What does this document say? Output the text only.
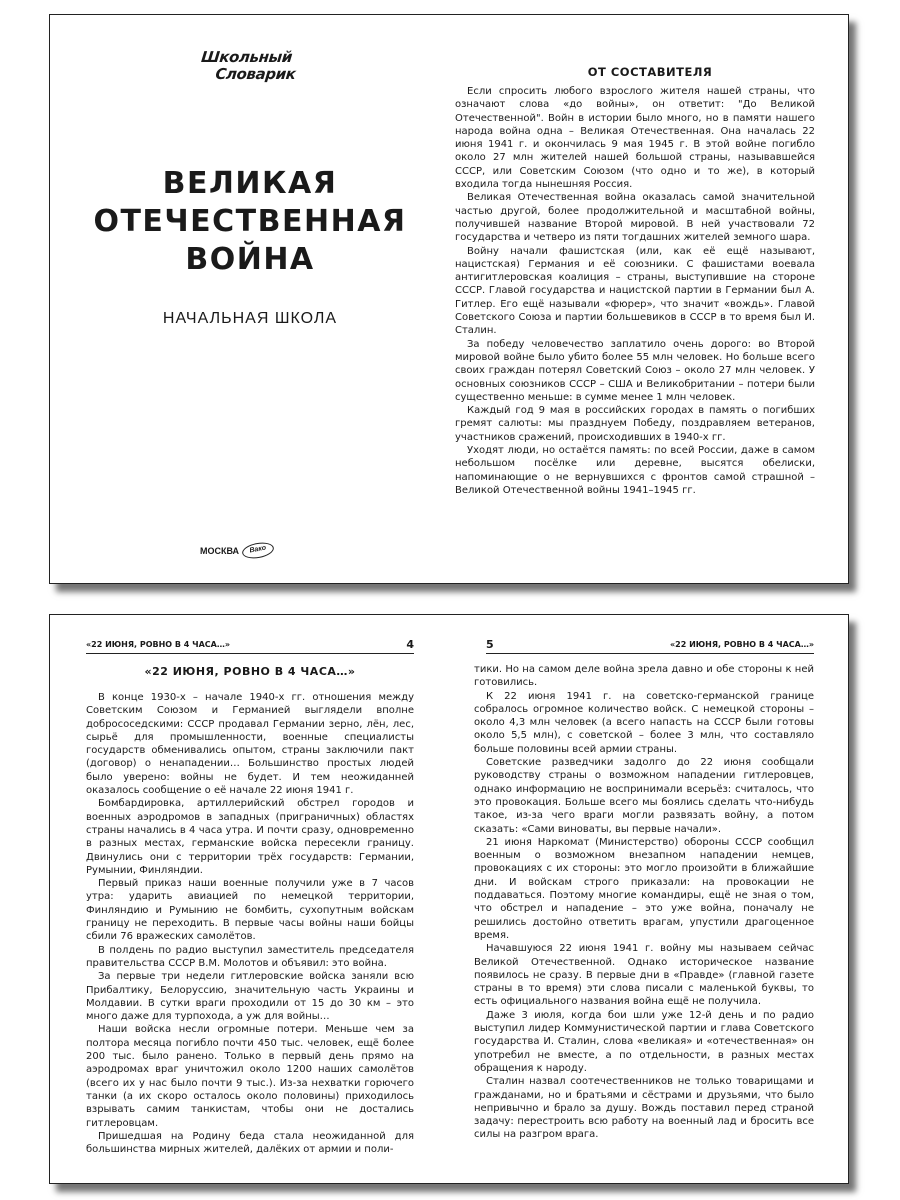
Школьный
Словарик
ВЕЛИКАЯ
ОТЕЧЕСТВЕННАЯ
ВОЙНА
НАЧАЛЬНАЯ ШКОЛА
МОСКВА	Вако
ОТ СОСТАВИТЕЛЯ

Если спросить любого взрослого жителя нашей страны, что означают слова «до войны», он ответит: "До Великой Отечественной". Войн в истории было много, но в памяти нашего народа война одна – Великая Отечественная. Она началась 22 июня 1941 г. и окончилась 9 мая 1945 г. В этой войне погибло около 27 млн жителей нашей большой страны, называвшейся СССР, или Советским Союзом (что одно и то же), в который входила тогда нынешняя Россия.

Великая Отечественная война оказалась самой значительной частью другой, более продолжительной и масштабной войны, получившей название Второй мировой. В ней участвовали 72 государства и четверо из пяти тогдашних жителей земного шара.

Войну начали фашистская (или, как её ещё называют, нацистская) Германия и её союзники. С фашистами воевала антигитлеровская коалиция – страны, выступившие на стороне СССР. Главой государства и нацистской партии в Германии был А. Гитлер. Его ещё называли «фюрер», что значит «вождь». Главой Советского Союза и партии большевиков в СССР в то время был И. Сталин.

За победу человечество заплатило очень дорого: во Второй мировой войне было убито более 55 млн человек. Но больше всего своих граждан потерял Советский Союз – около 27 млн человек. У основных союзников СССР – США и Великобритании – потери были существенно меньше: в сумме менее 1 млн человек.

Каждый год 9 мая в российских городах в память о погибших гремят салюты: мы празднуем Победу, поздравляем ветеранов, участников сражений, происходивших в 1940-х гг.

Уходят люди, но остаётся память: по всей России, даже в самом небольшом посёлке или деревне, высятся обелиски, напоминающие о не вернувшихся с фронтов самой страшной – Великой Отечественной войны 1941–1945 гг.

«22 ИЮНЯ, РОВНО В 4 ЧАСА…»	4
«22 ИЮНЯ, РОВНО В 4 ЧАСА…»

В конце 1930-х – начале 1940-х гг. отношения между Советским Союзом и Германией выглядели вполне добрососедскими: СССР продавал Германии зерно, лён, лес, сырьё для промышленности, военные специалисты государств обменивались опытом, страны заключили пакт (договор) о ненападении… Большинство простых людей было уверено: войны не будет. И тем неожиданней оказалось сообщение о её начале 22 июня 1941 г.

Бомбардировка, артиллерийский обстрел городов и военных аэродромов в западных (приграничных) областях страны начались в 4 часа утра. И почти сразу, одновременно в разных местах, германские войска пересекли границу. Двинулись они с территории трёх государств: Германии, Румынии, Финляндии.

Первый приказ наши военные получили уже в 7 часов утра: ударить авиацией по немецкой территории, Финляндию и Румынию не бомбить, сухопутным войскам границу не переходить. В первые часы войны наши бойцы сбили 76 вражеских самолётов.

В полдень по радио выступил заместитель председателя правительства СССР В.М. Молотов и объявил: это война.

За первые три недели гитлеровские войска заняли всю Прибалтику, Белоруссию, значительную часть Украины и Молдавии. В сутки враги проходили от 15 до 30 км – это много даже для турпохода, а уж для войны…

Наши войска несли огромные потери. Меньше чем за полтора месяца погибло почти 450 тыс. человек, ещё более 200 тыс. было ранено. Только в первый день прямо на аэродромах враг уничтожил около 1200 наших самолётов (всего их у нас было почти 9 тыс.). Из-за нехватки горючего танки (а их скоро осталось около половины) приходилось взрывать самим танкистам, чтобы они не достались гитлеровцам.

Пришедшая на Родину беда стала неожиданной для большинства мирных жителей, далёких от армии и поли-

5	«22 ИЮНЯ, РОВНО В 4 ЧАСА…»

тики. Но на самом деле война зрела давно и обе стороны к ней готовились.

К 22 июня 1941 г. на советско-германской границе собралось огромное количество войск. С немецкой стороны – около 4,3 млн человек (а всего напасть на СССР были готовы около 5,5 млн), с советской – более 3 млн, что составляло больше половины всей армии страны.

Советские разведчики задолго до 22 июня сообщали руководству страны о возможном нападении гитлеровцев, однако информацию не воспринимали всерьёз: считалось, что это провокация. Больше всего мы боялись сделать что-нибудь такое, из-за чего враги могли развязать войну, а потом сказать: «Сами виноваты, вы первые начали».

21 июня Наркомат (Министерство) обороны СССР сообщил военным о возможном внезапном нападении немцев, провокациях с их стороны: это могло произойти в ближайшие дни. И войскам строго приказали: на провокации не поддаваться. Поэтому многие командиры, ещё не зная о том, что обстрел и нападение – это уже война, поначалу не решились достойно ответить врагам, упустили драгоценное время.

Начавшуюся 22 июня 1941 г. войну мы называем сейчас Великой Отечественной. Однако историческое название появилось не сразу. В первые дни в «Правде» (главной газете страны в то время) эти слова писали с маленькой буквы, то есть официального названия война ещё не получила.

Даже 3 июля, когда бои шли уже 12-й день и по радио выступил лидер Коммунистической партии и глава Советского государства И. Сталин, слова «великая» и «отечественная» он употребил не вместе, а по отдельности, в разных местах обращения к народу.

Сталин назвал соотечественников не только товарищами и гражданами, но и братьями и сёстрами и друзьями, что было непривычно и брало за душу. Вождь поставил перед страной задачу: перестроить всю работу на военный лад и бросить все силы на разгром врага.
